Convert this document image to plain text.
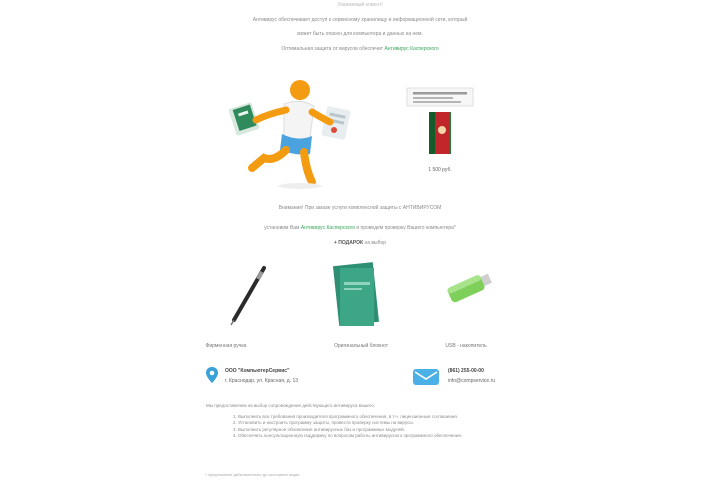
Уважаемый клиент!
Антивирус обеспечивает доступ к сервисному хранилищу и информационной сети, который
может быть опасен для компьютера и данных на нем.
Оптимальная защита от вирусов обеспечит Антивирус Касперского
1 500 руб.
Внимание! При заказе услуги комплексной защиты с АНТИВИРУСОМ
установим Вам Антивирус Касперского и проведем проверку Вашего компьютера*
+ ПОДАРОК на выбор
Фирменная ручка	Оригинальный блокнот	USB - накопитель
ООО "КомпьютерСервис"
г. Краснодар, ул. Красная, д. 13
(861) 255-00-00
info@compservice.ru
Мы предоставляем на выбор сопровождение действующего антивируса вашего:
1. Выполнить все требования производителя программного обеспечения, в т.ч. лицензионные соглашения.
2. Установить и настроить программу защиты, провести проверку системы на вирусы.
3. Выполнить регулярное обновление антивирусных баз и программных модулей.
4. Обеспечить консультационную поддержку по вопросам работы антивирусного программного обеспечения.
* предложение действительно до окончания акции
